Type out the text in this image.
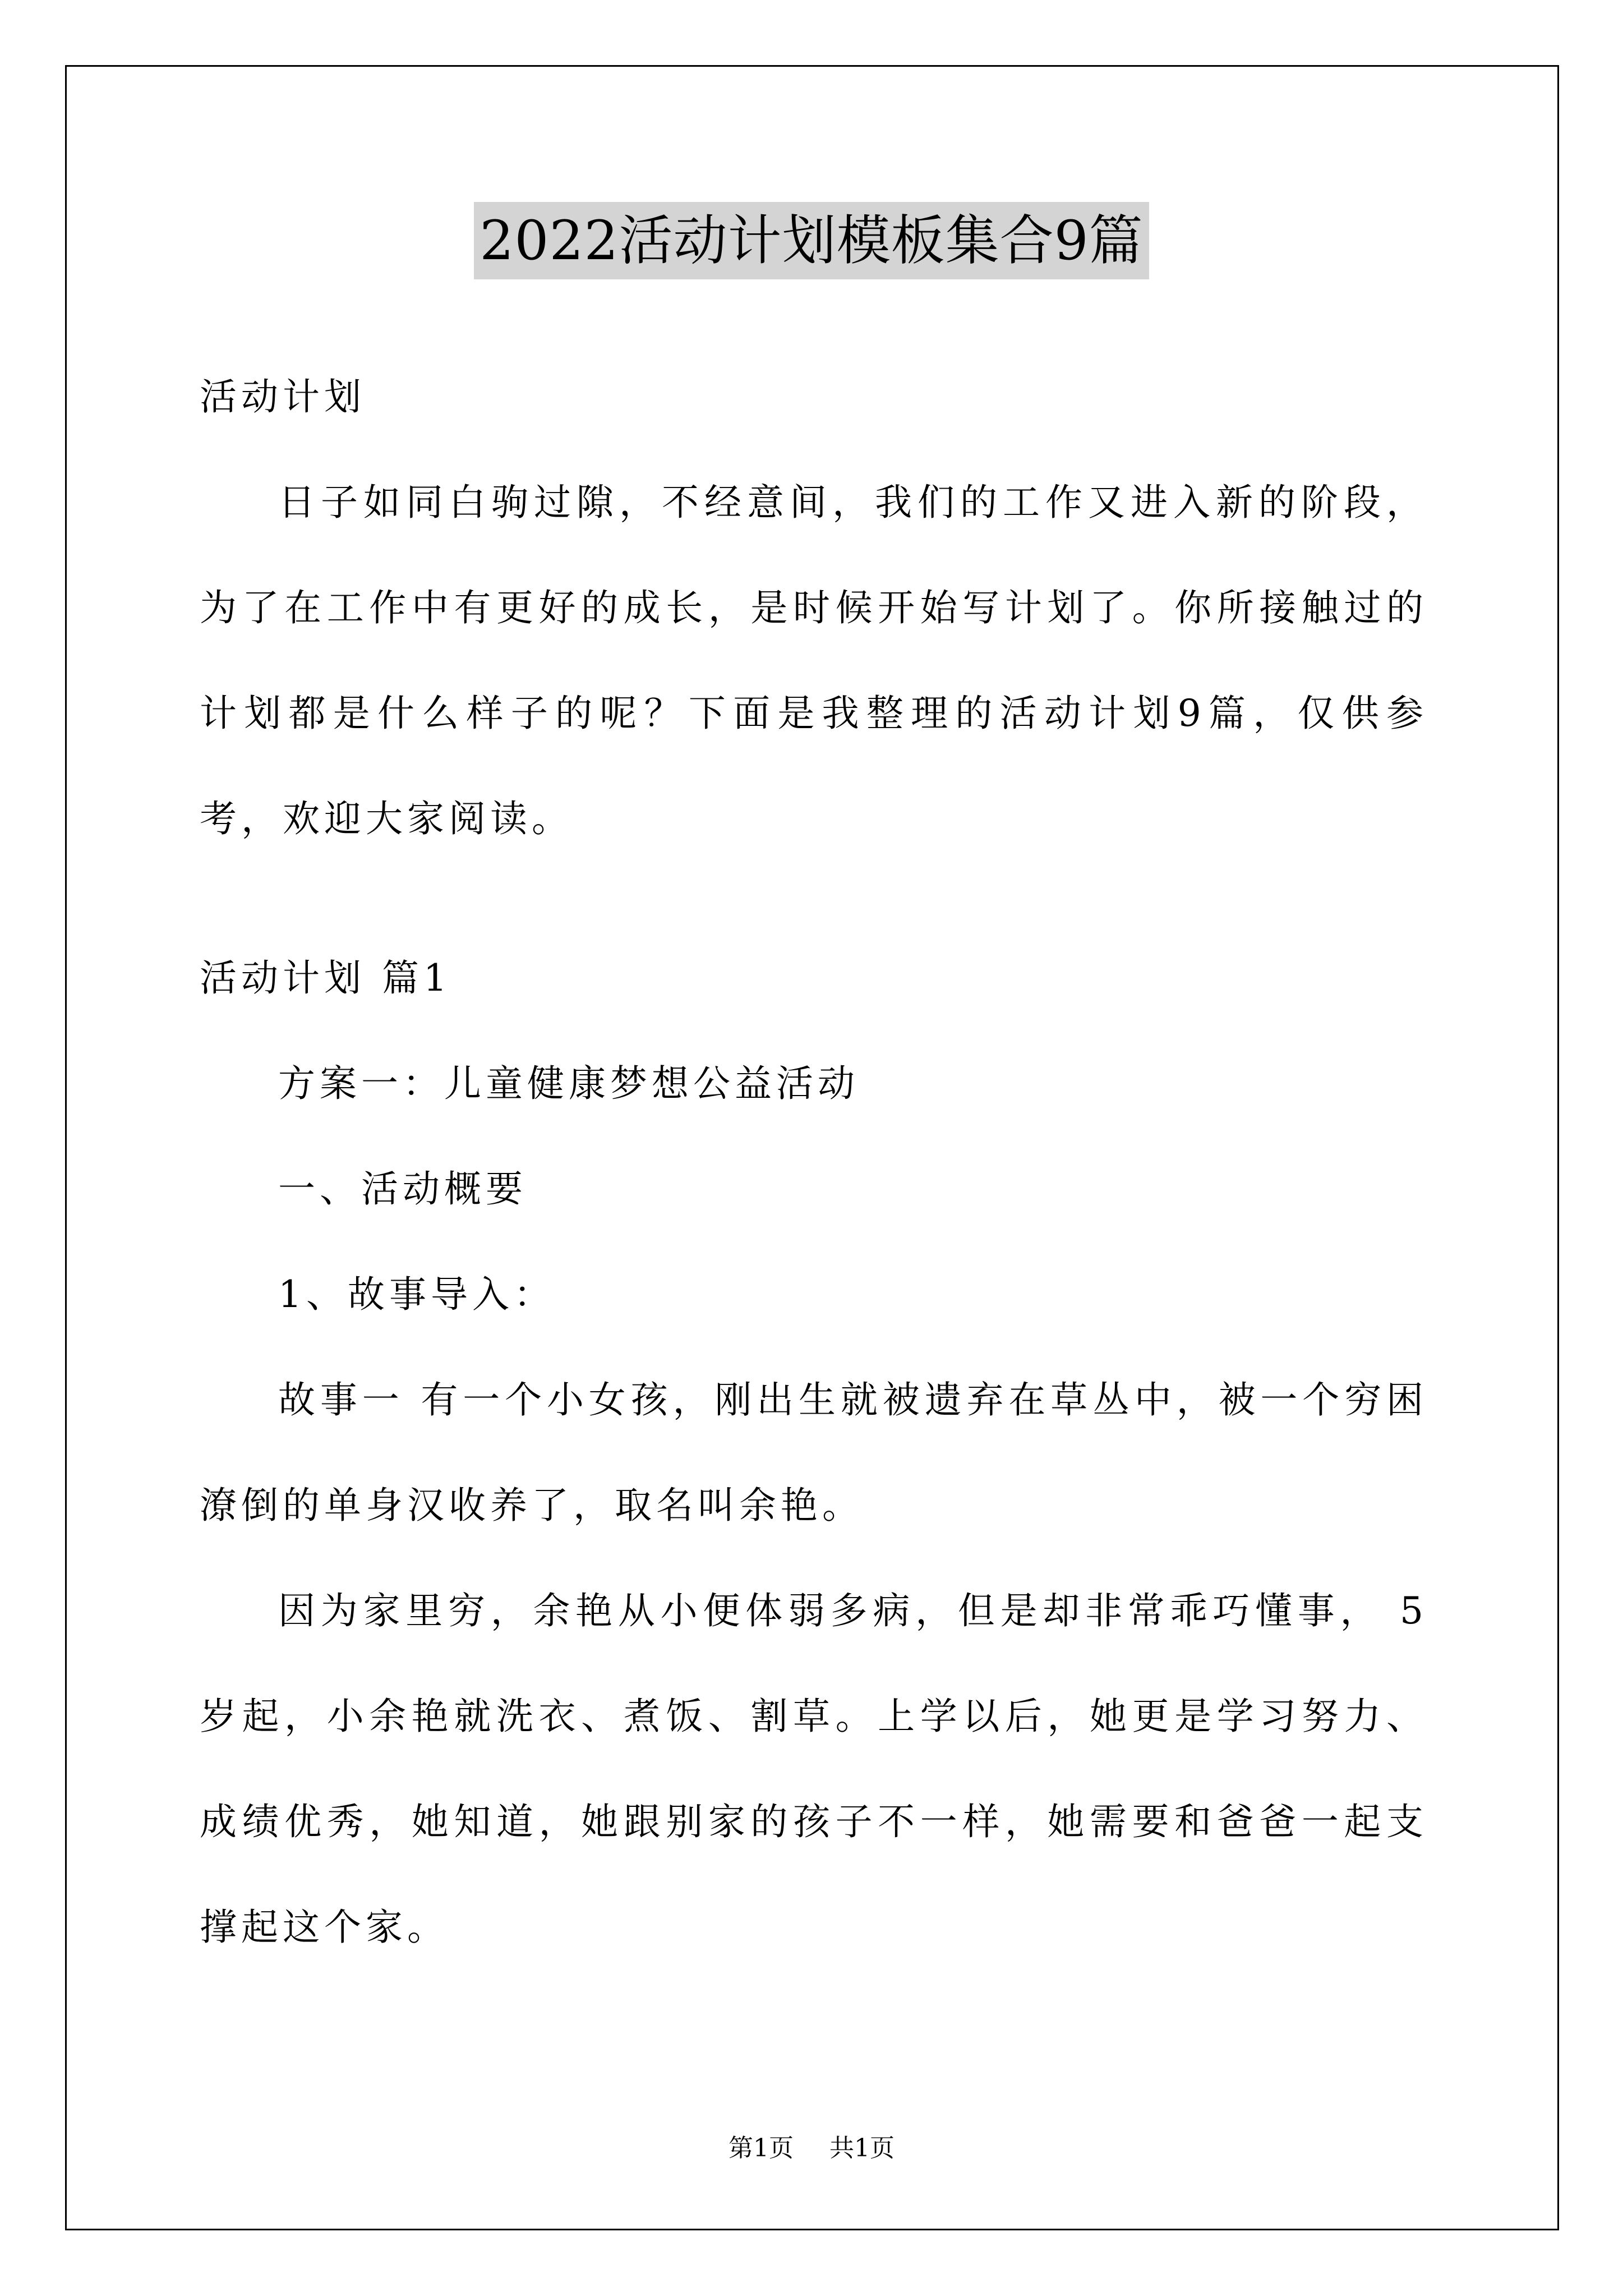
2022活动计划模板集合9篇

活动计划

日子如同白驹过隙，不经意间，我们的工作又进入新的阶段，为了在工作中有更好的成长，是时候开始写计划了。你所接触过的计划都是什么样子的呢？下面是我整理的活动计划9篇，仅供参考，欢迎大家阅读。

活动计划 篇1

方案一：儿童健康梦想公益活动

一、活动概要

1、故事导入：

故事一 有一个小女孩，刚出生就被遗弃在草丛中，被一个穷困潦倒的单身汉收养了，取名叫余艳。

因为家里穷，余艳从小便体弱多病，但是却非常乖巧懂事， 5岁起，小余艳就洗衣、煮饭、割草。上学以后，她更是学习努力、成绩优秀，她知道，她跟别家的孩子不一样，她需要和爸爸一起支撑起这个家。

第1页 共1页
